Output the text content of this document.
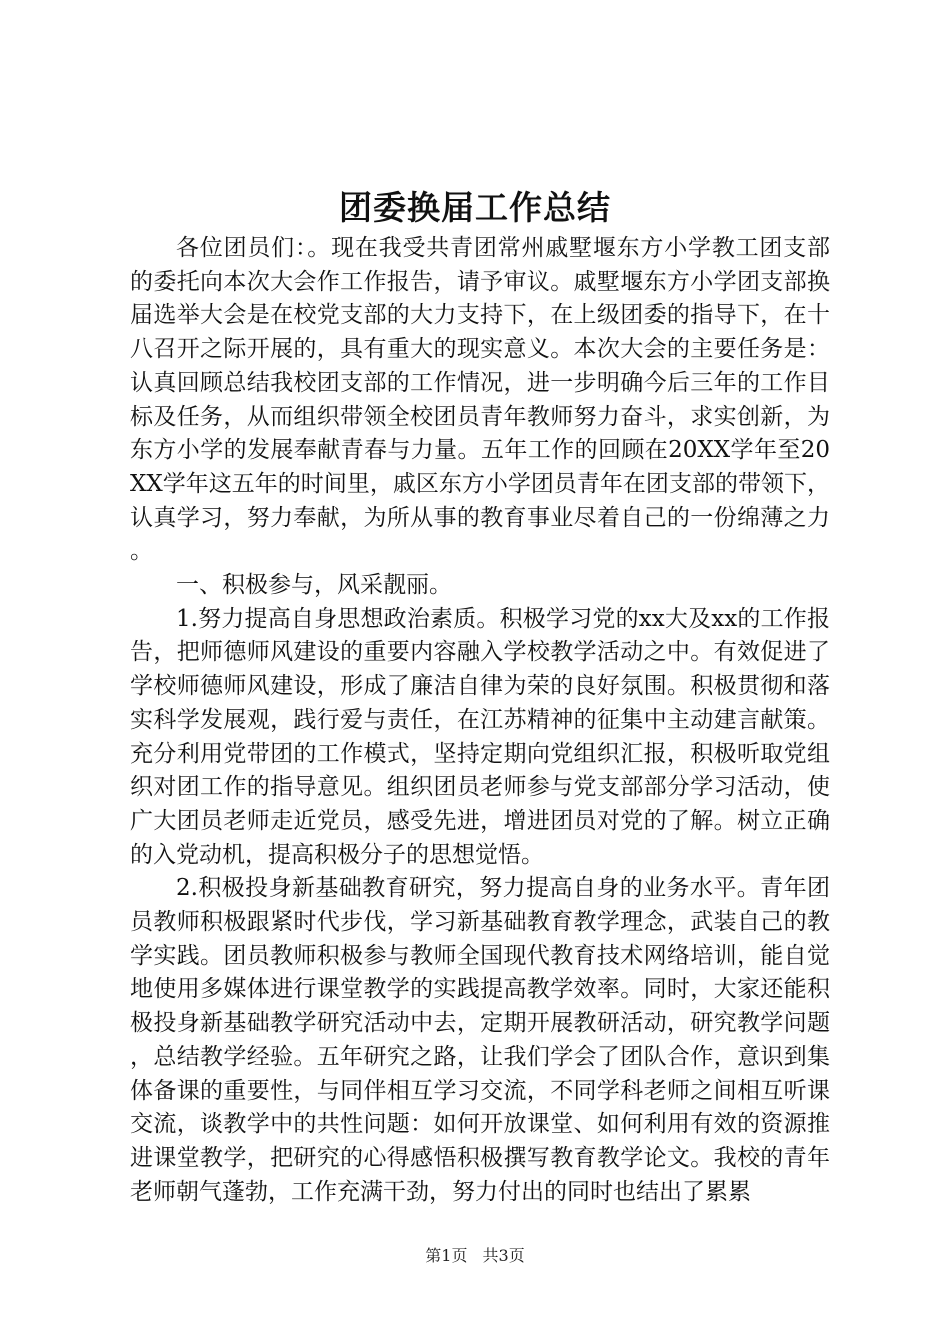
团委换届工作总结

各位团员们：。现在我受共青团常州戚墅堰东方小学教工团支部的委托向本次大会作工作报告，请予审议。戚墅堰东方小学团支部换届选举大会是在校党支部的大力支持下，在上级团委的指导下，在十八召开之际开展的，具有重大的现实意义。本次大会的主要任务是：认真回顾总结我校团支部的工作情况，进一步明确今后三年的工作目标及任务，从而组织带领全校团员青年教师努力奋斗，求实创新，为东方小学的发展奉献青春与力量。五年工作的回顾在20XX学年至20XX学年这五年的时间里，戚区东方小学团员青年在团支部的带领下，认真学习，努力奉献，为所从事的教育事业尽着自己的一份绵薄之力。

一、积极参与，风采靓丽。

1.努力提高自身思想政治素质。积极学习党的xx大及xx的工作报告，把师德师风建设的重要内容融入学校教学活动之中。有效促进了学校师德师风建设，形成了廉洁自律为荣的良好氛围。积极贯彻和落实科学发展观，践行爱与责任，在江苏精神的征集中主动建言献策。充分利用党带团的工作模式，坚持定期向党组织汇报，积极听取党组织对团工作的指导意见。组织团员老师参与党支部部分学习活动，使广大团员老师走近党员，感受先进，增进团员对党的了解。树立正确的入党动机，提高积极分子的思想觉悟。

2.积极投身新基础教育研究，努力提高自身的业务水平。青年团员教师积极跟紧时代步伐，学习新基础教育教学理念，武装自己的教学实践。团员教师积极参与教师全国现代教育技术网络培训，能自觉地使用多媒体进行课堂教学的实践提高教学效率。同时，大家还能积极投身新基础教学研究活动中去，定期开展教研活动，研究教学问题，总结教学经验。五年研究之路，让我们学会了团队合作，意识到集体备课的重要性，与同伴相互学习交流，不同学科老师之间相互听课交流，谈教学中的共性问题：如何开放课堂、如何利用有效的资源推进课堂教学，把研究的心得感悟积极撰写教育教学论文。我校的青年老师朝气蓬勃，工作充满干劲，努力付出的同时也结出了累累

第1页 共3页
